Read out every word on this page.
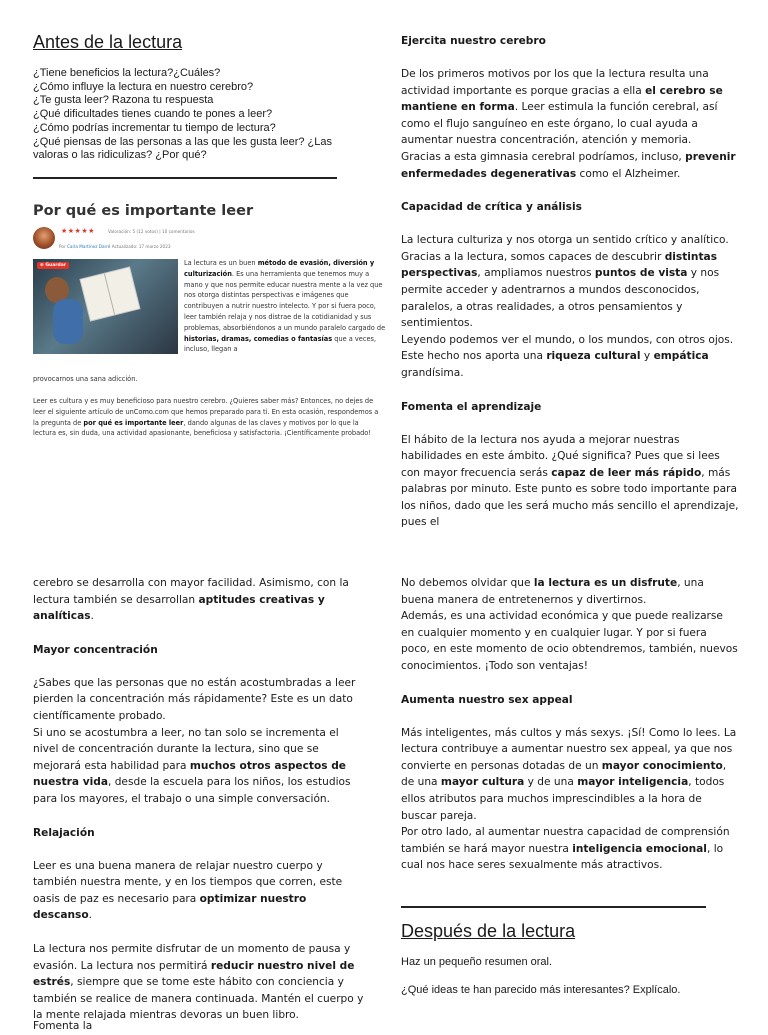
Antes de la lectura
¿Tiene beneficios la lectura?¿Cuáles?
¿Cómo influye la lectura en nuestro cerebro?
¿Te gusta leer? Razona tu respuesta
¿Qué dificultades tienes cuando te pones a leer?
¿Cómo podrías incrementar tu tiempo de lectura?
¿Qué piensas de las personas a las que les gusta leer? ¿Las valoras o las ridiculizas? ¿Por qué?
Por qué es importante leer
★★★★★	Valoración: 5 (12 votos) | 10 comentarios
Por Carla Martínez Darré Actualizado: 17 marzo 2023
⊕ Guardar	La lectura es un buen método de evasión, diversión y culturización. Es una herramienta que tenemos muy a mano y que nos permite educar nuestra mente a la vez que nos otorga distintas perspectivas e imágenes que contribuyen a nutrir nuestro intelecto. Y por si fuera poco, leer también relaja y nos distrae de la cotidianidad y sus problemas, absorbiéndonos a un mundo paralelo cargado de historias, dramas, comedias o fantasías que a veces, incluso, llegan a
provocarnos una sana adicción.
Leer es cultura y es muy beneficioso para nuestro cerebro. ¿Quieres saber más? Entonces, no dejes de leer el siguiente artículo de unComo.com que hemos preparado para ti. En esta ocasión, respondemos a la pregunta de por qué es importante leer, dando algunas de las claves y motivos por lo que la lectura es, sin duda, una actividad apasionante, beneficiosa y satisfactoria. ¡Científicamente probado!
Ejercita nuestro cerebro

De los primeros motivos por los que la lectura resulta una actividad importante es porque gracias a ella el cerebro se mantiene en forma. Leer estimula la función cerebral, así como el flujo sanguíneo en este órgano, lo cual ayuda a aumentar nuestra concentración, atención y memoria.

Gracias a esta gimnasia cerebral podríamos, incluso, prevenir enfermedades degenerativas como el Alzheimer.

Capacidad de crítica y análisis

La lectura culturiza y nos otorga un sentido crítico y analítico. Gracias a la lectura, somos capaces de descubrir distintas perspectivas, ampliamos nuestros puntos de vista y nos permite acceder y adentrarnos a mundos desconocidos, paralelos, a otras realidades, a otros pensamientos y sentimientos.

Leyendo podemos ver el mundo, o los mundos, con otros ojos. Este hecho nos aporta una riqueza cultural y empática grandísima.

Fomenta el aprendizaje

El hábito de la lectura nos ayuda a mejorar nuestras habilidades en este ámbito. ¿Qué significa? Pues que si lees con mayor frecuencia serás capaz de leer más rápido, más palabras por minuto. Este punto es sobre todo importante para los niños, dado que les será mucho más sencillo el aprendizaje, pues el

cerebro se desarrolla con mayor facilidad. Asimismo, con la lectura también se desarrollan aptitudes creativas y analíticas.

Mayor concentración

¿Sabes que las personas que no están acostumbradas a leer pierden la concentración más rápidamente? Este es un dato científicamente probado.

Si uno se acostumbra a leer, no tan solo se incrementa el nivel de concentración durante la lectura, sino que se mejorará esta habilidad para muchos otros aspectos de nuestra vida, desde la escuela para los niños, los estudios para los mayores, el trabajo o una simple conversación.

Relajación

Leer es una buena manera de relajar nuestro cuerpo y también nuestra mente, y en los tiempos que corren, este oasis de paz es necesario para optimizar nuestro descanso.

La lectura nos permite disfrutar de un momento de pausa y evasión. La lectura nos permitirá reducir nuestro nivel de estrés, siempre que se tome este hábito con conciencia y también se realice de manera continuada. Mantén el cuerpo y la mente relajada mientras devoras un buen libro.

Fomenta la

No debemos olvidar que la lectura es un disfrute, una buena manera de entretenernos y divertirnos.

Además, es una actividad económica y que puede realizarse en cualquier momento y en cualquier lugar. Y por si fuera poco, en este momento de ocio obtendremos, también, nuevos conocimientos. ¡Todo son ventajas!

Aumenta nuestro sex appeal

Más inteligentes, más cultos y más sexys. ¡Sí! Como lo lees. La lectura contribuye a aumentar nuestro sex appeal, ya que nos convierte en personas dotadas de un mayor conocimiento, de una mayor cultura y de una mayor inteligencia, todos ellos atributos para muchos imprescindibles a la hora de buscar pareja.

Por otro lado, al aumentar nuestra capacidad de comprensión también se hará mayor nuestra inteligencia emocional, lo cual nos hace seres sexualmente más atractivos.

Después de la lectura
Haz un pequeño resumen oral.
¿Qué ideas te han parecido más interesantes? Explícalo.
